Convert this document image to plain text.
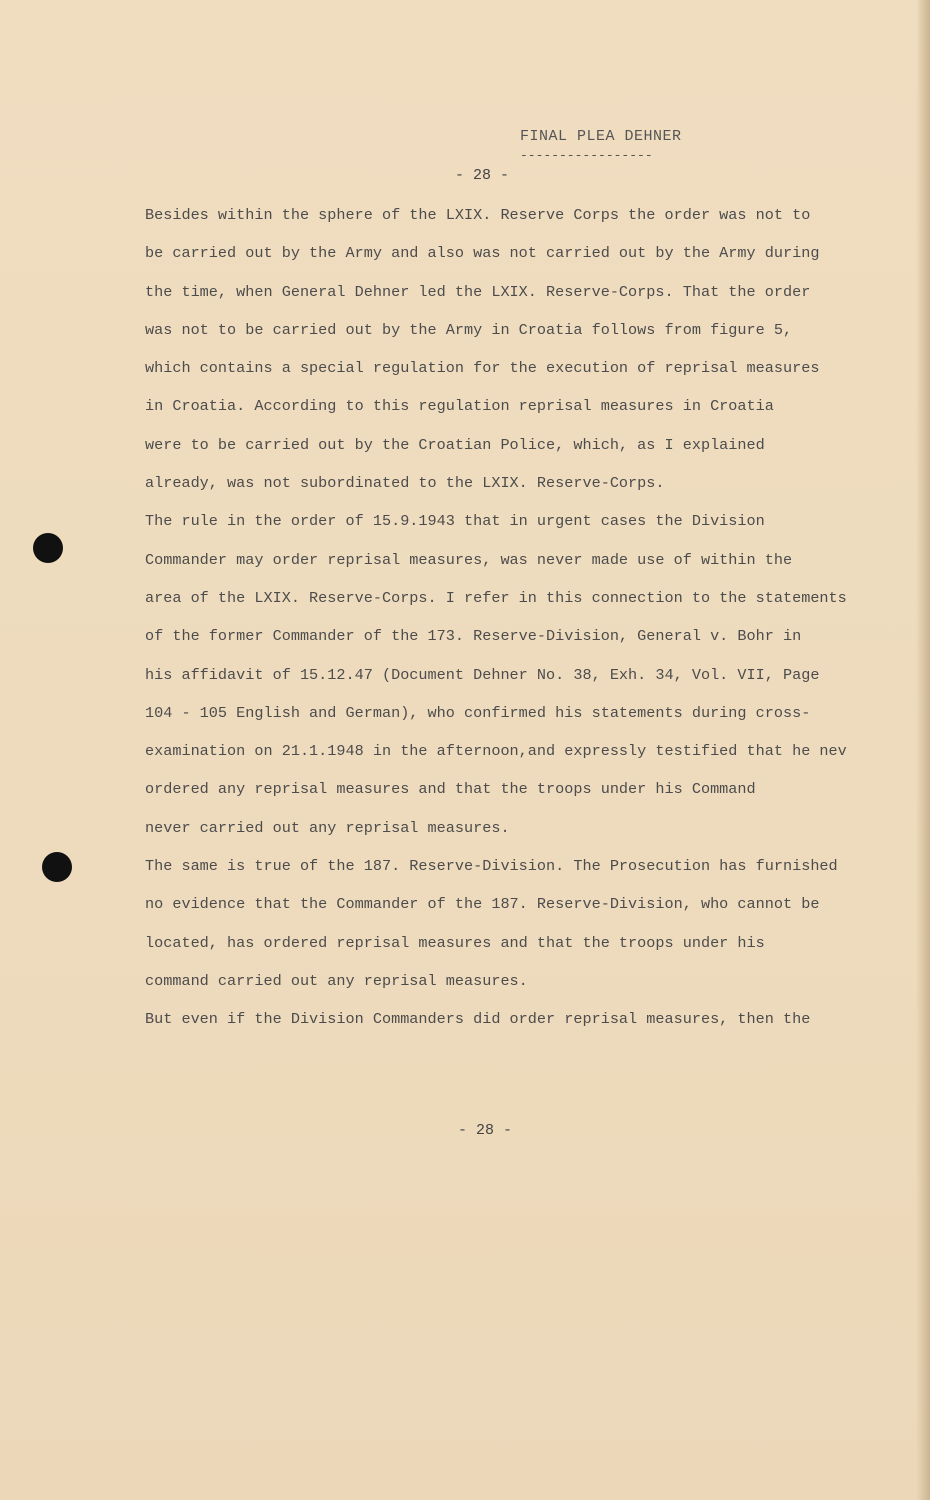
FINAL PLEA DEHNER
-----------------
- 28 -
Besides within the sphere of the LXIX. Reserve Corps the order was not to
be carried out by the Army and also was not carried out by the Army during
the time, when General Dehner led the LXIX. Reserve-Corps. That the order
was not to be carried out by the Army in Croatia follows from figure 5,
which contains a special regulation for the execution of reprisal measures
in Croatia. According to this regulation reprisal measures in Croatia
were to be carried out by the Croatian Police, which, as I explained
already, was not subordinated to the LXIX. Reserve-Corps.
The rule in the order of 15.9.1943 that in urgent cases the Division
Commander may order reprisal measures, was never made use of within the
area of the LXIX. Reserve-Corps. I refer in this connection to the statements
of the former Commander of the 173. Reserve-Division, General v. Bohr in
his affidavit of 15.12.47 (Document Dehner No. 38, Exh. 34, Vol. VII, Page
104 - 105 English and German), who confirmed his statements during cross-
examination on 21.1.1948 in the afternoon,and expressly testified that he nev
ordered any reprisal measures and that the troops under his Command
never carried out any reprisal measures.
The same is true of the 187. Reserve-Division. The Prosecution has furnished
no evidence that the Commander of the 187. Reserve-Division, who cannot be
located, has ordered reprisal measures and that the troops under his
command carried out any reprisal measures.
But even if the Division Commanders did order reprisal measures, then the
- 28 -
